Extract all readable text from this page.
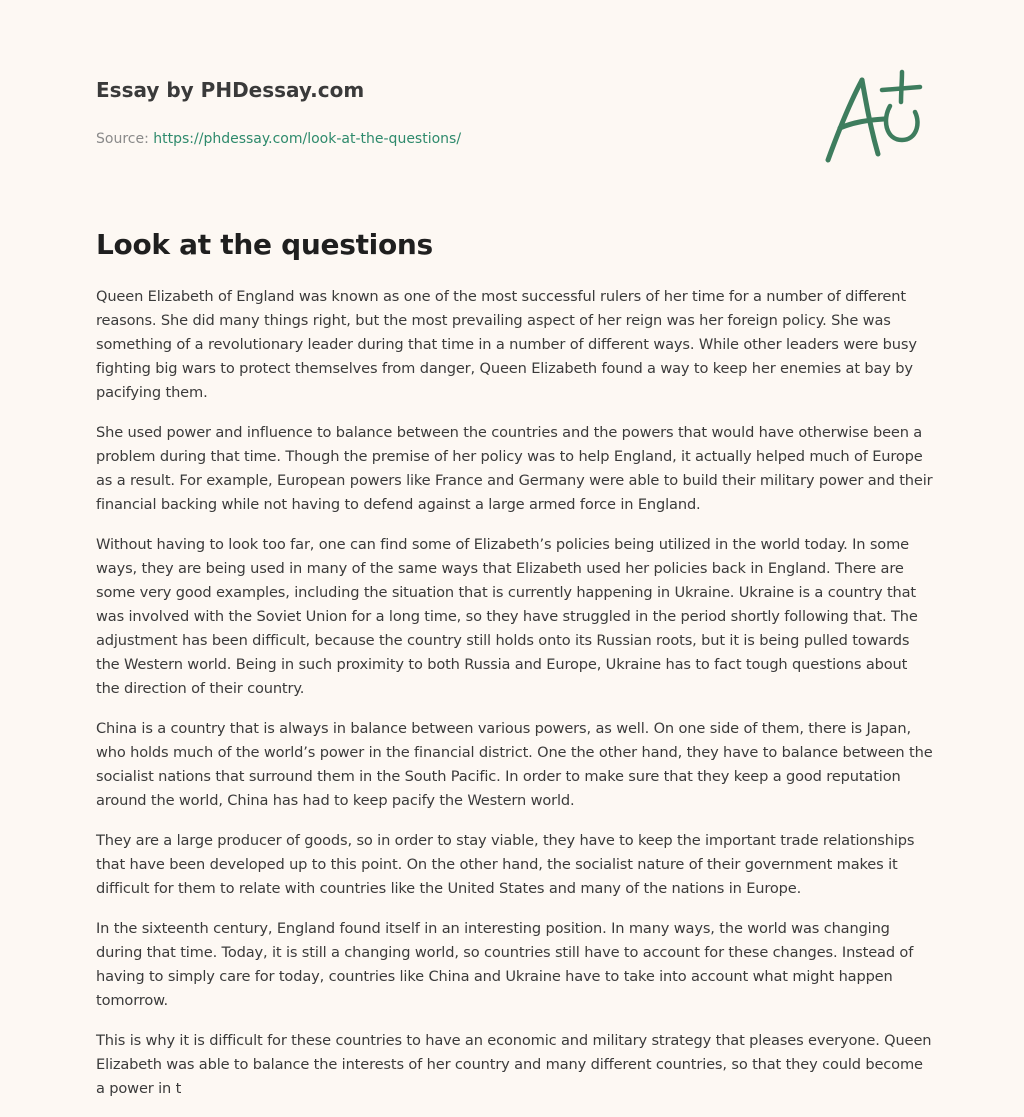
Essay by PHDessay.com
Source: https://phdessay.com/look-at-the-questions/
Look at the questions

Queen Elizabeth of England was known as one of the most successful rulers of her time for a number of different reasons. She did many things right, but the most prevailing aspect of her reign was her foreign policy. She was something of a revolutionary leader during that time in a number of different ways. While other leaders were busy fighting big wars to protect themselves from danger, Queen Elizabeth found a way to keep her enemies at bay by pacifying them.

She used power and influence to balance between the countries and the powers that would have otherwise been a problem during that time. Though the premise of her policy was to help England, it actually helped much of Europe as a result. For example, European powers like France and Germany were able to build their military power and their financial backing while not having to defend against a large armed force in England.

Without having to look too far, one can find some of Elizabeth’s policies being utilized in the world today. In some ways, they are being used in many of the same ways that Elizabeth used her policies back in England. There are some very good examples, including the situation that is currently happening in Ukraine. Ukraine is a country that was involved with the Soviet Union for a long time, so they have struggled in the period shortly following that. The adjustment has been difficult, because the country still holds onto its Russian roots, but it is being pulled towards the Western world. Being in such proximity to both Russia and Europe, Ukraine has to fact tough questions about the direction of their country.

China is a country that is always in balance between various powers, as well. On one side of them, there is Japan, who holds much of the world’s power in the financial district. One the other hand, they have to balance between the socialist nations that surround them in the South Pacific. In order to make sure that they keep a good reputation around the world, China has had to keep pacify the Western world.

They are a large producer of goods, so in order to stay viable, they have to keep the important trade relationships that have been developed up to this point. On the other hand, the socialist nature of their government makes it difficult for them to relate with countries like the United States and many of the nations in Europe.

In the sixteenth century, England found itself in an interesting position. In many ways, the world was changing during that time. Today, it is still a changing world, so countries still have to account for these changes. Instead of having to simply care for today, countries like China and Ukraine have to take into account what might happen tomorrow.

This is why it is difficult for these countries to have an economic and military strategy that pleases everyone. Queen Elizabeth was able to balance the interests of her country and many different countries, so that they could become a power in t
